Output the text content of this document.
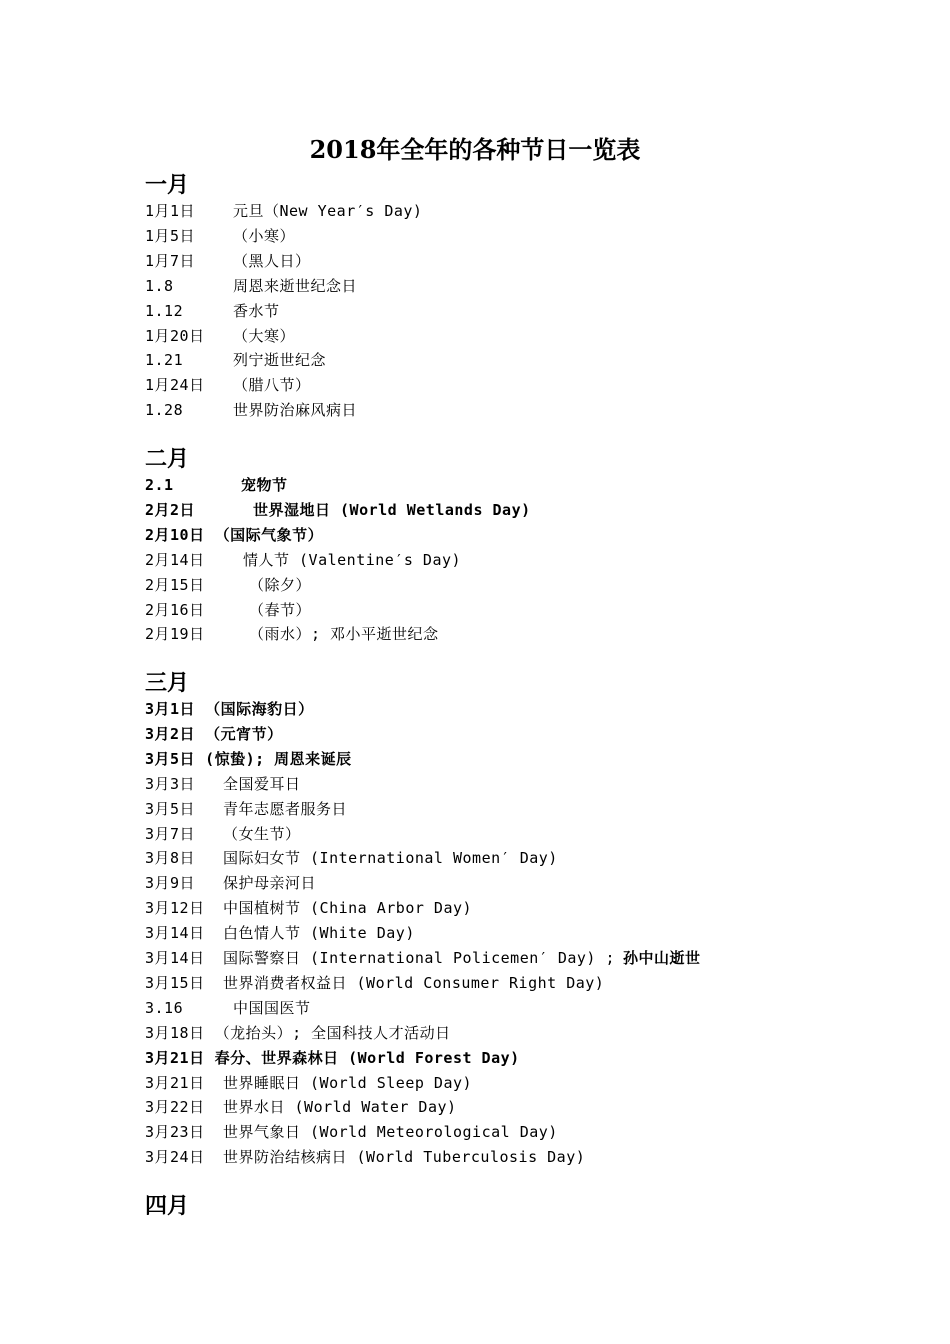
2018年全年的各种节日一览表
一月
1月1日	元旦（New Year′s Day)
1月5日	（小寒）
1月7日	（黑人日）
1.8	周恩来逝世纪念日
1.12	香水节
1月20日 （大寒）
1.21	列宁逝世纪念
1月24日 （腊八节）
1.28	世界防治麻风病日
二月
2.1	宠物节
2月2日	世界湿地日 (World Wetlands Day)
2月10日 （国际气象节）
2月14日	情人节 (Valentine′s Day)
2月15日	（除夕）
2月16日	（春节）
2月19日	（雨水）; 邓小平逝世纪念
三月
3月1日 （国际海豹日）
3月2日 （元宵节）
3月5日 (惊蛰); 周恩来诞辰
3月3日 全国爱耳日
3月5日 青年志愿者服务日
3月7日 （女生节）
3月8日 国际妇女节 (International Women′ Day)
3月9日 保护母亲河日
3月12日 中国植树节 (China Arbor Day)
3月14日 白色情人节 (White Day)
3月14日 国际警察日 (International Policemen′ Day) ; 孙中山逝世
3月15日 世界消费者权益日 (World Consumer Right Day)
3.16	中国国医节
3月18日 （龙抬头）; 全国科技人才活动日
3月21日 春分、世界森林日 (World Forest Day)
3月21日 世界睡眠日 (World Sleep Day)
3月22日 世界水日 (World Water Day)
3月23日 世界气象日 (World Meteorological Day)
3月24日 世界防治结核病日 (World Tuberculosis Day)
四月
